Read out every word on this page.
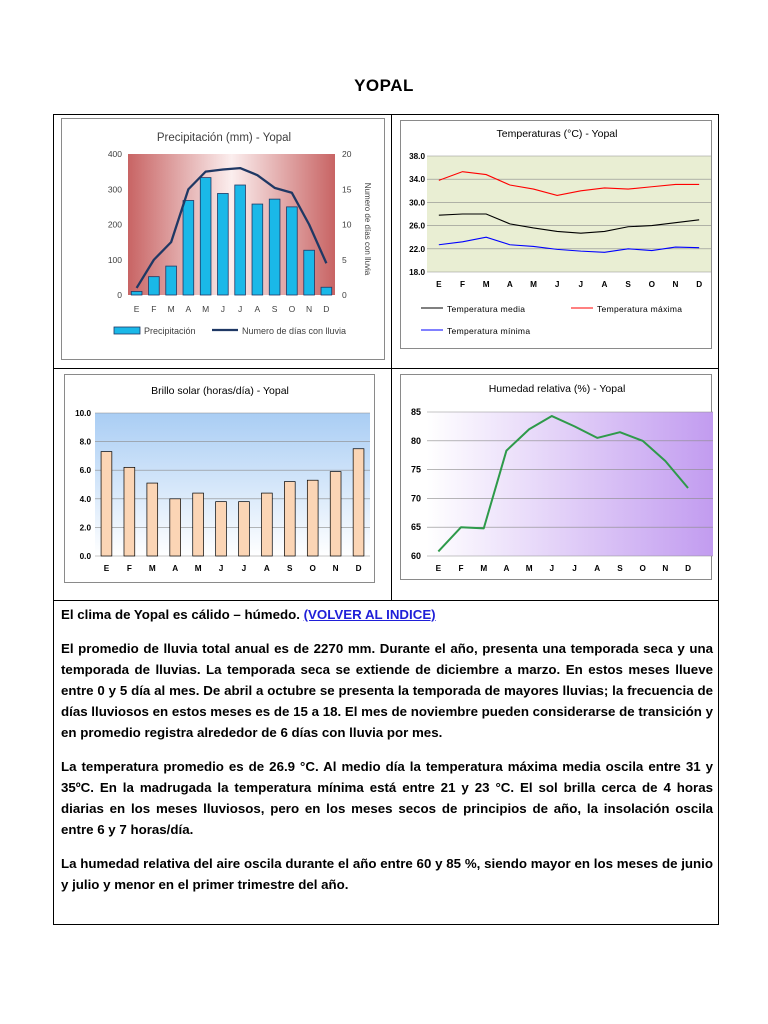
YOPAL
Precipitación (mm) - Yopal
0
100
200
300
400
0
5
10
15
20
E F M A M J J A S O N D
Numero de días con lluvia
Precipitación	Numero de días con lluvia
Temperaturas (°C) - Yopal
18.0
22.0
26.0
30.0
34.0
38.0
E F M A M J J A S O N D
Temperatura media	Temperatura máxima
Temperatura mínima
Brillo solar (horas/día) - Yopal
0.0
2.0
4.0
6.0
8.0
10.0
E F M A M J J A S O N D
Humedad relativa (%) - Yopal
60
65
70
75
80
85
E F M A M J J A S O N D

El clima de Yopal es cálido – húmedo. (VOLVER AL INDICE)

El promedio de lluvia total anual es de 2270 mm. Durante el año, presenta una temporada seca y una temporada de lluvias. La temporada seca se extiende de diciembre a marzo. En estos meses llueve entre 0 y 5 día al mes. De abril a octubre se presenta la temporada de mayores lluvias; la frecuencia de días lluviosos en estos meses es de 15 a 18. El mes de noviembre pueden considerarse de transición y en promedio registra alrededor de 6 días con lluvia por mes.

La temperatura promedio es de 26.9 °C. Al medio día la temperatura máxima media oscila entre 31 y 35ºC. En la madrugada la temperatura mínima está entre 21 y 23 °C. El sol brilla cerca de 4 horas diarias en los meses lluviosos, pero en los meses secos de principios de año, la insolación oscila entre 6 y 7 horas/día.

La humedad relativa del aire oscila durante el año entre 60 y 85 %, siendo mayor en los meses de junio y julio y menor en el primer trimestre del año.
